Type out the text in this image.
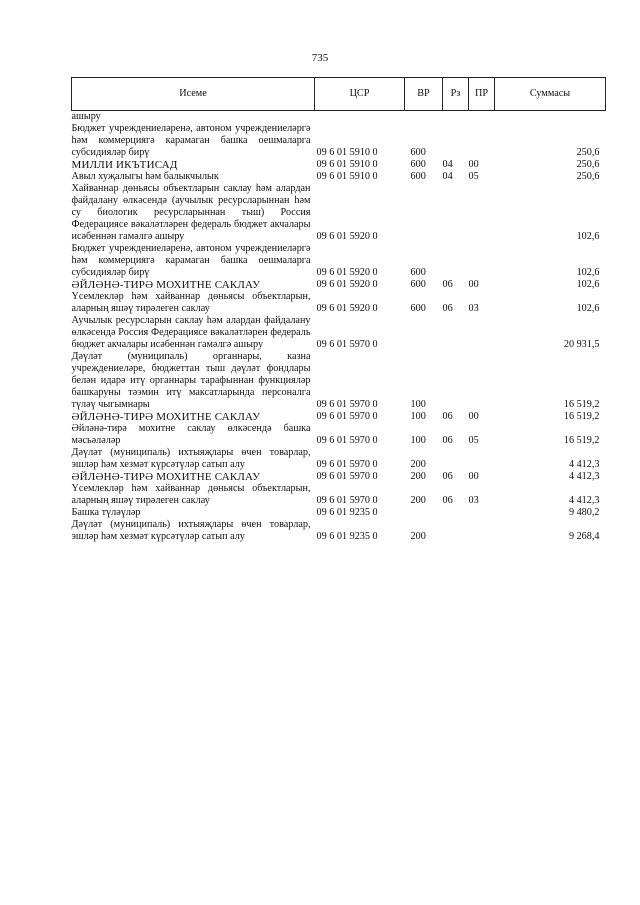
735
Исеме	ЦСР	ВР	Рз	ПР	Суммасы
ашыру					
Бюджет учреждениеләренә, автоном учреждениеләргә һәм коммерциягә карамаган башка оешмаларга субсидияләр бирү	09 6 01 5910 0	600			250,6
МИЛЛИ ИКЪТИСАД	09 6 01 5910 0	600	04	00	250,6
Авыл хуҗалыгы һәм балыкчылык	09 6 01 5910 0	600	04	05	250,6
Хайваннар дөньясы объектларын саклау һәм алардан файдалану өлкәсендә (аучылык ресурсларыннан һәм су биологик ресурсларыннан тыш) Россия Федерациясе вәкаләтләрен федераль бюджет акчалары исәбеннән гамәлгә ашыру	09 6 01 5920 0				102,6
Бюджет учреждениеләренә, автоном учреждениеләргә һәм коммерциягә карамаган башка оешмаларга субсидияләр бирү	09 6 01 5920 0	600			102,6
ӘЙЛӘНӘ-ТИРӘ МОХИТНЕ САКЛАУ	09 6 01 5920 0	600	06	00	102,6
Үсемлекләр һәм хайваннар дөньясы объектларын, аларның яшәү тирәлеген саклау	09 6 01 5920 0	600	06	03	102,6
Аучылык ресурсларын саклау һәм алардан файдалану өлкәсендә Россия Федерациясе вәкаләтләрен федераль бюджет акчалары исәбеннән гамәлгә ашыру	09 6 01 5970 0				20 931,5
Дәүләт (муниципаль) органнары, казна учреждениеләре, бюджеттан тыш дәүләт фондлары белән идарә итү органнары тарафыннан функцияләр башкаруны тәэмин итү максатларында персоналга түләү чыгымнары	09 6 01 5970 0	100			16 519,2
ӘЙЛӘНӘ-ТИРӘ МОХИТНЕ САКЛАУ	09 6 01 5970 0	100	06	00	16 519,2
Әйләнә-тирә мохитне саклау өлкәсендә башка мәсьәләләр	09 6 01 5970 0	100	06	05	16 519,2
Дәүләт (муниципаль) ихтыяҗлары өчен товарлар, эшләр һәм хезмәт күрсәтүләр сатып алу	09 6 01 5970 0	200			4 412,3
ӘЙЛӘНӘ-ТИРӘ МОХИТНЕ САКЛАУ	09 6 01 5970 0	200	06	00	4 412,3
Үсемлекләр һәм хайваннар дөньясы объектларын, аларның яшәү тирәлеген саклау	09 6 01 5970 0	200	06	03	4 412,3
Башка түләүләр	09 6 01 9235 0				9 480,2
Дәүләт (муниципаль) ихтыяҗлары өчен товарлар, эшләр һәм хезмәт күрсәтүләр сатып алу	09 6 01 9235 0	200			9 268,4
